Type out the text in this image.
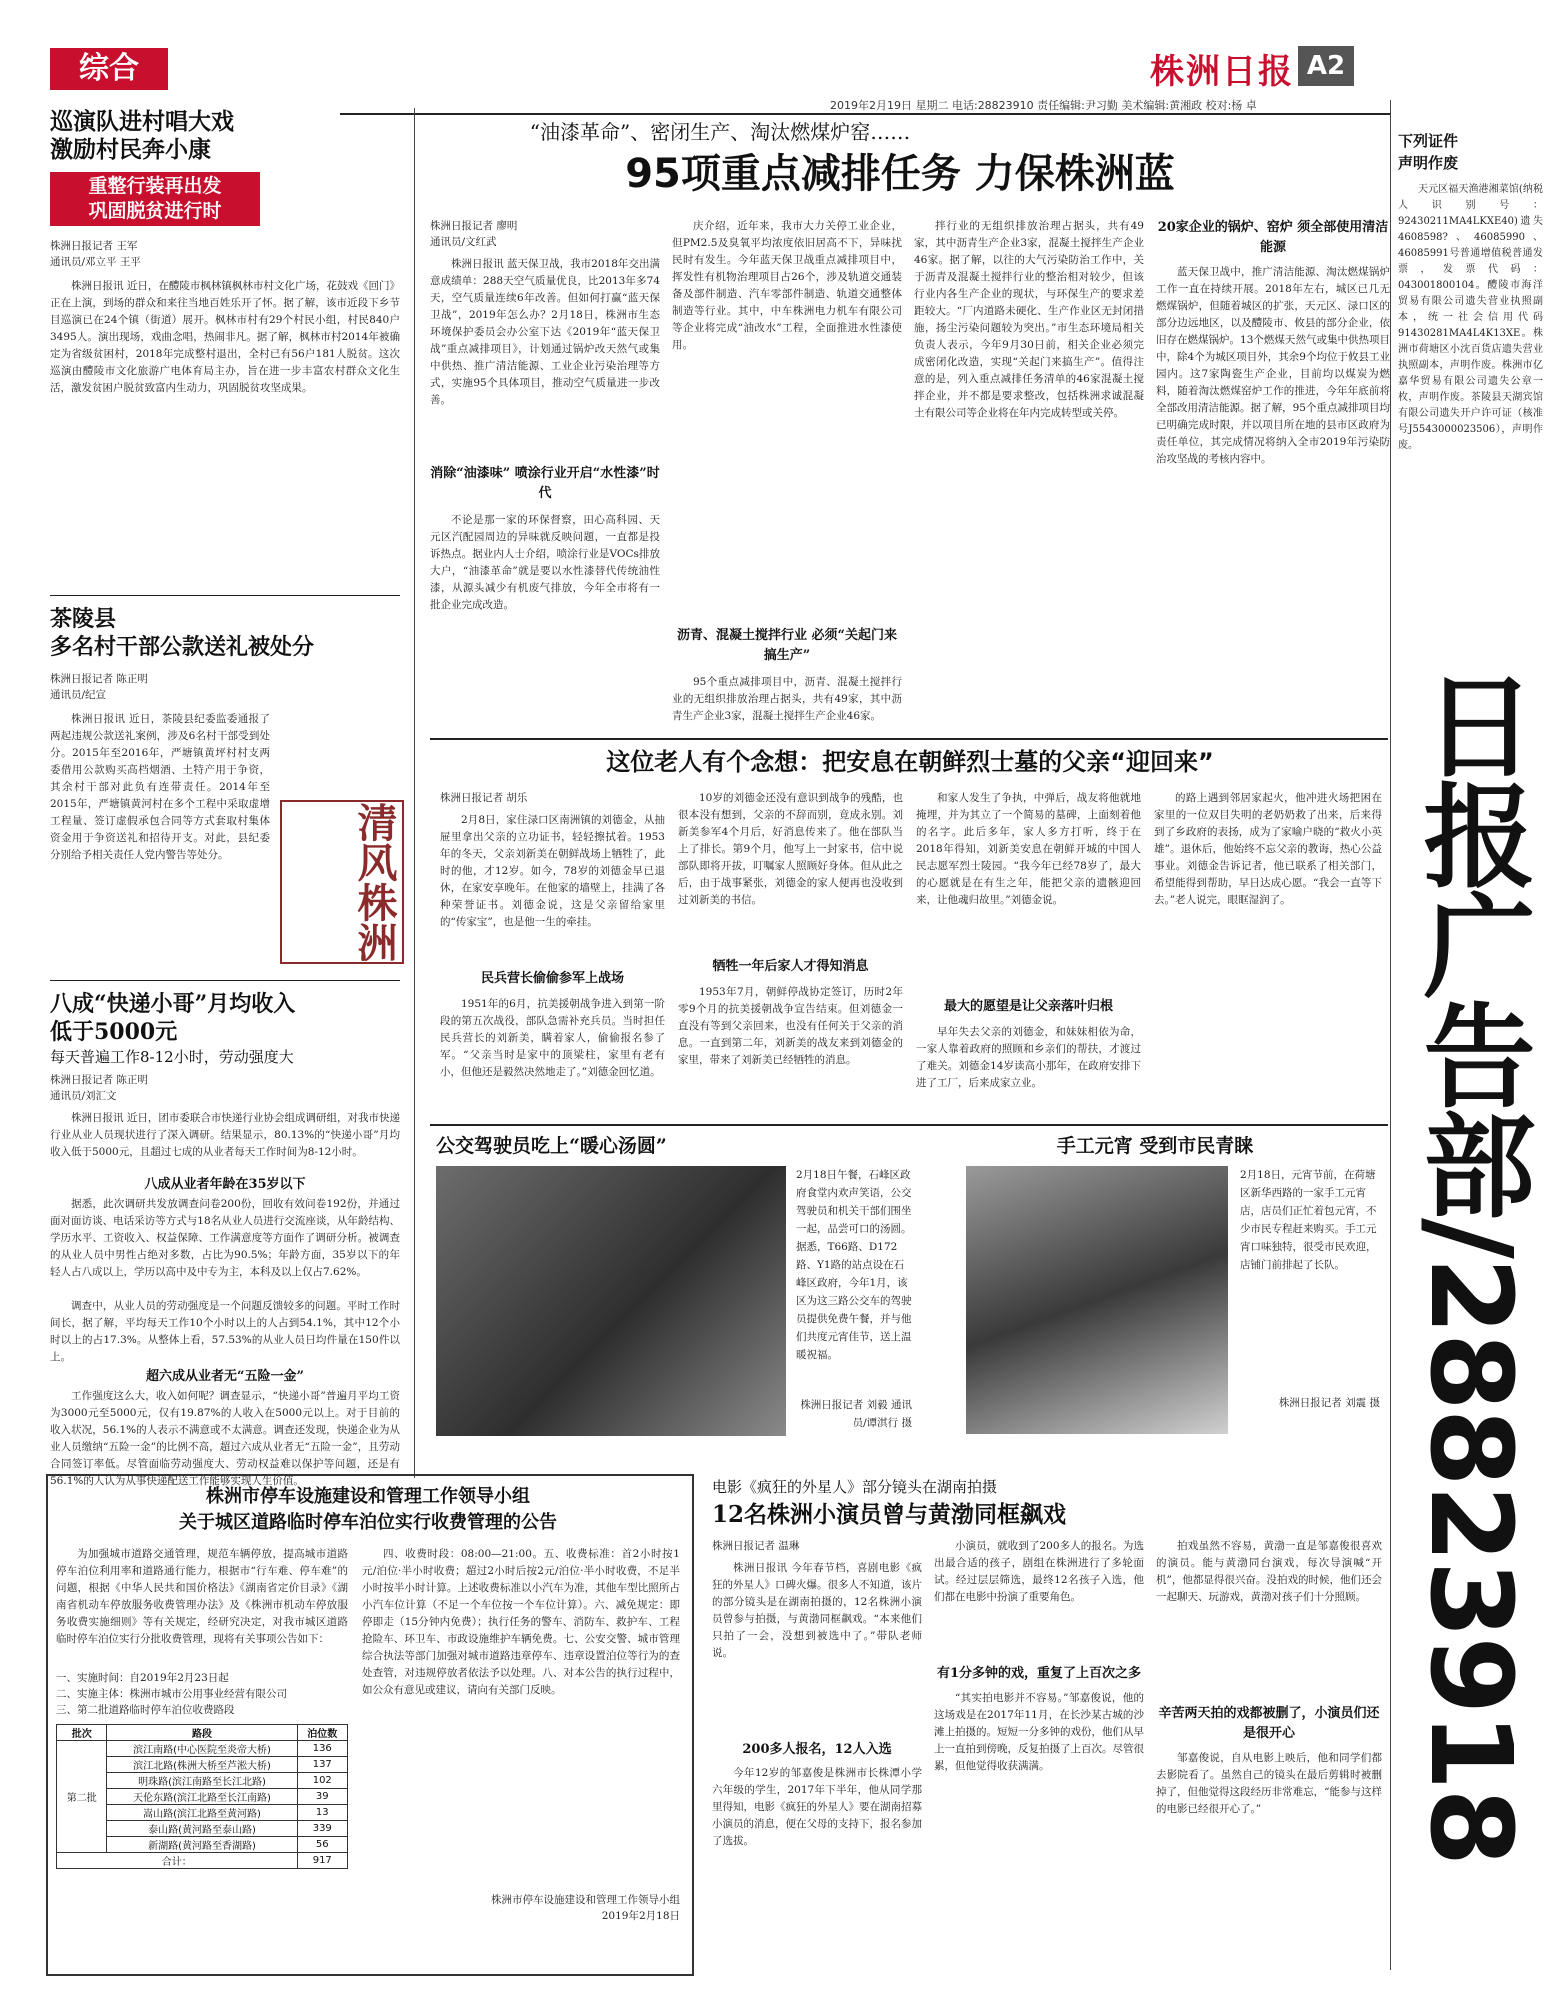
综合	株洲日报 A2
2019年2月19日 星期二 电话:28823910 责任编辑:尹习勤 美术编辑:黄湘政 校对:杨 卓
巡演队进村唱大戏
激励村民奔小康
重整行装再出发
巩固脱贫进行时
株洲日报记者 王军
通讯员/邓立平 王平

株洲日报讯 近日，在醴陵市枫林镇枫林市村文化广场，花鼓戏《回门》正在上演，到场的群众和来往当地百姓乐开了怀。据了解，该市近段下乡节目巡演已在24个镇（街道）展开。枫林市村有29个村民小组，村民840户3495人。演出现场，戏曲念唱，热闹非凡。据了解，枫林市村2014年被确定为省级贫困村，2018年完成整村退出，全村已有56户181人脱贫。这次巡演由醴陵市文化旅游广电体育局主办，旨在进一步丰富农村群众文化生活，激发贫困户脱贫致富内生动力，巩固脱贫攻坚成果。

茶陵县
多名村干部公款送礼被处分
株洲日报记者 陈正明
通讯员/纪宣

株洲日报讯 近日，茶陵县纪委监委通报了两起违规公款送礼案例，涉及6名村干部受到处分。2015年至2016年，严塘镇黄坪村村支两委借用公款购买高档烟酒、土特产用于争资，其余村干部对此负有连带责任。2014年至2015年，严塘镇黄河村在多个工程中采取虚增工程量、签订虚假承包合同等方式套取村集体资金用于争资送礼和招待开支。对此，县纪委分别给予相关责任人党内警告等处分。	清风株洲
八成“快递小哥”月均收入
低于5000元
每天普遍工作8-12小时，劳动强度大
株洲日报记者 陈正明
通讯员/刘汇文

株洲日报讯 近日，团市委联合市快递行业协会组成调研组，对我市快递行业从业人员现状进行了深入调研。结果显示，80.13%的“快递小哥”月均收入低于5000元，且超过七成的从业者每天工作时间为8-12小时。

八成从业者年龄在35岁以下

据悉，此次调研共发放调查问卷200份，回收有效问卷192份，并通过面对面访谈、电话采访等方式与18名从业人员进行交流座谈，从年龄结构、学历水平、工资收入、权益保障、工作满意度等方面作了调研分析。被调查的从业人员中男性占绝对多数，占比为90.5%；年龄方面，35岁以下的年轻人占八成以上，学历以高中及中专为主，本科及以上仅占7.62%。

调查中，从业人员的劳动强度是一个问题反馈较多的问题。平时工作时间长，据了解，平均每天工作10个小时以上的人占到54.1%，其中12个小时以上的占17.3%。从整体上看，57.53%的从业人员日均件量在150件以上。

超六成从业者无“五险一金”

工作强度这么大，收入如何呢？调查显示，“快递小哥”普遍月平均工资为3000元至5000元，仅有19.87%的人收入在5000元以上。对于目前的收入状况，56.1%的人表示不满意或不太满意。调查还发现，快递企业为从业人员缴纳“五险一金”的比例不高，超过六成从业者无“五险一金”，且劳动合同签订率低。尽管面临劳动强度大、劳动权益难以保护等问题，还是有56.1%的人认为从事快递配送工作能够实现人生价值。

“油漆革命”、密闭生产、淘汰燃煤炉窑……
95项重点减排任务 力保株洲蓝
株洲日报记者 廖明
通讯员/文红武

株洲日报讯 蓝天保卫战，我市2018年交出满意成绩单：288天空气质量优良，比2013年多74天，空气质量连续6年改善。但如何打赢“蓝天保卫战”，2019年怎么办？2月18日，株洲市生态环境保护委员会办公室下达《2019年“蓝天保卫战”重点减排项目》，计划通过锅炉改天然气或集中供热、推广清洁能源、工业企业污染治理等方式，实施95个具体项目，推动空气质量进一步改善。

消除“油漆味” 喷涂行业开启“水性漆”时代

不论是那一家的环保督察，田心高科园、天元区汽配园周边的异味就反映问题，一直都是投诉热点。据业内人士介绍，喷涂行业是VOCs排放大户，“油漆革命”就是要以水性漆替代传统油性漆，从源头减少有机废气排放，今年全市将有一批企业完成改造。

庆介绍，近年来，我市大力关停工业企业，但PM2.5及臭氧平均浓度依旧居高不下，异味扰民时有发生。今年蓝天保卫战重点减排项目中，挥发性有机物治理项目占26个，涉及轨道交通装备及部件制造、汽车零部件制造、轨道交通整体制造等行业。其中，中车株洲电力机车有限公司等企业将完成“油改水”工程，全面推进水性漆使用。

沥青、混凝土搅拌行业 必须“关起门来搞生产”

95个重点减排项目中，沥青、混凝土搅拌行业的无组织排放治理占据头，共有49家，其中沥青生产企业3家，混凝土搅拌生产企业46家。

拌行业的无组织排放治理占据头，共有49家，其中沥青生产企业3家，混凝土搅拌生产企业46家。据了解，以往的大气污染防治工作中，关于沥青及混凝土搅拌行业的整治相对较少，但该行业内各生产企业的现状，与环保生产的要求差距较大。“厂内道路未硬化、生产作业区无封闭措施，扬尘污染问题较为突出。”市生态环境局相关负责人表示，今年9月30日前，相关企业必须完成密闭化改造，实现“关起门来搞生产”。值得注意的是，列入重点减排任务清单的46家混凝土搅拌企业，并不都是要求整改，包括株洲求诚混凝土有限公司等企业将在年内完成转型或关停。

20家企业的锅炉、窑炉 须全部使用清洁能源

蓝天保卫战中，推广清洁能源、淘汰燃煤锅炉工作一直在持续开展。2018年左右，城区已几无燃煤锅炉，但随着城区的扩张，天元区、渌口区的部分边远地区，以及醴陵市、攸县的部分企业，依旧存在燃煤锅炉。13个燃煤天然气或集中供热项目中，除4个为城区项目外，其余9个均位于攸县工业园内。这7家陶瓷生产企业，目前均以煤炭为燃料，随着淘汰燃煤窑炉工作的推进，今年年底前将全部改用清洁能源。据了解，95个重点减排项目均已明确完成时限，并以项目所在地的县市区政府为责任单位，其完成情况将纳入全市2019年污染防治攻坚战的考核内容中。

下列证件
声明作废

天元区福天渔港湘菜馆(纳税人识别号：92430211MA4LKXE40)遗失4608598?、46085990、46085991号普通增值税普通发票，发票代码：043001800104。醴陵市海洋贸易有限公司遗失营业执照副本，统一社会信用代码91430281MA4L4K13XE。株洲市荷塘区小沈百货店遗失营业执照副本，声明作废。株洲市亿嘉华贸易有限公司遗失公章一枚，声明作废。茶陵县天湖宾馆有限公司遗失开户许可证（核准号J5543000023506），声明作废。

日报广告部/28823918
这位老人有个念想：把安息在朝鲜烈士墓的父亲“迎回来”
株洲日报记者 胡乐

2月8日，家住渌口区南洲镇的刘德金，从抽屉里拿出父亲的立功证书，轻轻擦拭着。1953年的冬天，父亲刘新美在朝鲜战场上牺牲了，此时的他，才12岁。如今，78岁的刘德金早已退休，在家安享晚年。在他家的墙壁上，挂满了各种荣誉证书。刘德金说，这是父亲留给家里的“传家宝”，也是他一生的牵挂。

民兵营长偷偷参军上战场

1951年的6月，抗美援朝战争进入到第一阶段的第五次战役，部队急需补充兵员。当时担任民兵营长的刘新美，瞒着家人，偷偷报名参了军。“父亲当时是家中的顶梁柱，家里有老有小，但他还是毅然决然地走了。”刘德金回忆道。

10岁的刘德金还没有意识到战争的残酷，也很本没有想到，父亲的不辞而别，竟成永别。刘新美参军4个月后，好消息传来了。他在部队当上了排长。第9个月，他写上一封家书，信中说部队即将开拔，叮嘱家人照顾好身体。但从此之后，由于战事紧张，刘德金的家人便再也没收到过刘新美的书信。

牺牲一年后家人才得知消息

1953年7月，朝鲜停战协定签订，历时2年零9个月的抗美援朝战争宣告结束。但刘德金一直没有等到父亲回来，也没有任何关于父亲的消息。一直到第二年，刘新美的战友来到刘德金的家里，带来了刘新美已经牺牲的消息。

和家人发生了争执，中弹后，战友将他就地掩埋，并为其立了一个简易的墓碑，上面刻着他的名字。此后多年，家人多方打听，终于在2018年得知，刘新美安息在朝鲜开城的中国人民志愿军烈士陵园。“我今年已经78岁了，最大的心愿就是在有生之年，能把父亲的遗骸迎回来，让他魂归故里。”刘德金说。

最大的愿望是让父亲落叶归根

早年失去父亲的刘德金，和妹妹相依为命，一家人靠着政府的照顾和乡亲们的帮扶，才渡过了难关。刘德金14岁读高小那年，在政府安排下进了工厂，后来成家立业。

的路上遇到邻居家起火，他冲进火场把困在家里的一位双目失明的老奶奶救了出来，后来得到了乡政府的表扬，成为了家喻户晓的“救火小英雄”。退休后，他始终不忘父亲的教诲，热心公益事业。刘德金告诉记者，他已联系了相关部门，希望能得到帮助，早日达成心愿。“我会一直等下去。”老人说完，眼眶湿润了。

公交驾驶员吃上“暖心汤圆”
2月18日午餐，石峰区政府食堂内欢声笑语，公交驾驶员和机关干部们围坐一起，品尝可口的汤圆。据悉，T66路、D172路、Y1路的站点设在石峰区政府，今年1月，该区为这三路公交车的驾驶员提供免费午餐，并与他们共度元宵佳节，送上温暖祝福。
株洲日报记者 刘毅 通讯员/谭淇行 摄
手工元宵 受到市民青睐
2月18日，元宵节前，在荷塘区新华西路的一家手工元宵店，店员们正忙着包元宵，不少市民专程赶来购买。手工元宵口味独特，很受市民欢迎，店铺门前排起了长队。
株洲日报记者 刘震 摄
株洲市停车设施建设和管理工作领导小组
关于城区道路临时停车泊位实行收费管理的公告

为加强城市道路交通管理，规范车辆停放，提高城市道路停车泊位利用率和道路通行能力，根据市“行车难、停车难”的问题，根据《中华人民共和国价格法》《湖南省定价目录》《湖南省机动车停放服务收费管理办法》及《株洲市机动车停放服务收费实施细则》等有关规定，经研究决定，对我市城区道路临时停车泊位实行分批收费管理，现将有关事项公告如下：

一、实施时间：自2019年2月23日起
二、实施主体：株洲市城市公用事业经营有限公司
三、第二批道路临时停车泊位收费路段
批次	路段	泊位数
第二批	滨江南路(中心医院至炎帝大桥)	136
	滨江北路(株洲大桥至芦淞大桥)	137
	明珠路(滨江南路至长江北路)	102
	天伦东路(滨江北路至长江南路)	39
	嵩山路(滨江北路至黄河路)	13
	泰山路(黄河路至泰山路)	339
	新湖路(黄河路至香湖路)	56
合计：		917

四、收费时段：08:00—21:00。五、收费标准：首2小时按1元/泊位·半小时收费；超过2小时后按2元/泊位·半小时收费，不足半小时按半小时计算。上述收费标准以小汽车为准，其他车型比照所占小汽车位计算（不足一个车位按一个车位计算）。六、减免规定：即停即走（15分钟内免费）；执行任务的警车、消防车、救护车、工程抢险车、环卫车、市政设施维护车辆免费。七、公安交警、城市管理综合执法等部门加强对城市道路违章停车、违章设置泊位等行为的查处查管，对违规停放者依法予以处理。八、对本公告的执行过程中，如公众有意见或建议，请向有关部门反映。

株洲市停车设施建设和管理工作领导小组
2019年2月18日
电影《疯狂的外星人》部分镜头在湖南拍摄
12名株洲小演员曾与黄渤同框飙戏
株洲日报记者 温琳

株洲日报讯 今年春节档，喜剧电影《疯狂的外星人》口碑火爆。很多人不知道，该片的部分镜头是在湖南拍摄的，12名株洲小演员曾参与拍摄，与黄渤同框飙戏。“本来他们只拍了一会，没想到被选中了。”带队老师说。

200多人报名，12人入选

今年12岁的邹嘉俊是株洲市长株潭小学六年级的学生，2017年下半年，他从同学那里得知，电影《疯狂的外星人》要在湖南招募小演员的消息，便在父母的支持下，报名参加了选拔。

小演员，就收到了200多人的报名。为选出最合适的孩子，剧组在株洲进行了多轮面试。经过层层筛选，最终12名孩子入选，他们都在电影中扮演了重要角色。

有1分多钟的戏，重复了上百次之多

“其实拍电影并不容易。”邹嘉俊说，他的这场戏是在2017年11月，在长沙某古城的沙滩上拍摄的。短短一分多钟的戏份，他们从早上一直拍到傍晚，反复拍摄了上百次。尽管很累，但他觉得收获满满。

拍戏虽然不容易，黄渤一直是邹嘉俊很喜欢的演员。能与黄渤同台演戏，每次导演喊“开机”，他都显得很兴奋。没拍戏的时候，他们还会一起聊天、玩游戏，黄渤对孩子们十分照顾。

辛苦两天拍的戏都被删了，小演员们还是很开心

邹嘉俊说，自从电影上映后，他和同学们都去影院看了。虽然自己的镜头在最后剪辑时被删掉了，但他觉得这段经历非常难忘，“能参与这样的电影已经很开心了。”
